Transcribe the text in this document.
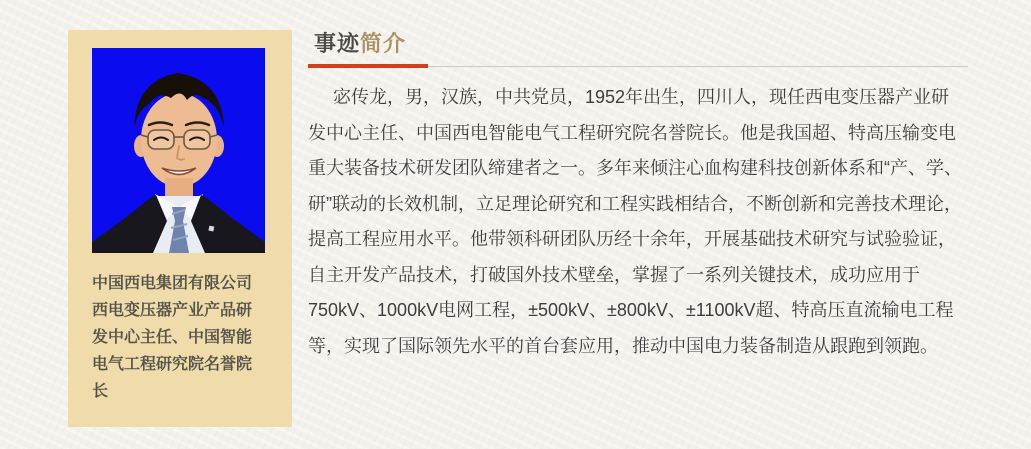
中国西电集团有限公司
西电变压器产业产品研
发中心主任、中国智能
电气工程研究院名誉院
长
事迹简介
宓传龙，男，汉族，中共党员，1952年出生，四川人，现任西电变压器产业研
发中心主任、中国西电智能电气工程研究院名誉院长。他是我国超、特高压输变电
重大装备技术研发团队缔建者之一。多年来倾注心血构建科技创新体系和“产、学、
研”联动的长效机制，立足理论研究和工程实践相结合，不断创新和完善技术理论，
提高工程应用水平。他带领科研团队历经十余年，开展基础技术研究与试验验证，
自主开发产品技术，打破国外技术壁垒，掌握了一系列关键技术，成功应用于
750kV、1000kV电网工程，±500kV、±800kV、±1100kV超、特高压直流输电工程
等，实现了国际领先水平的首台套应用，推动中国电力装备制造从跟跑到领跑。
